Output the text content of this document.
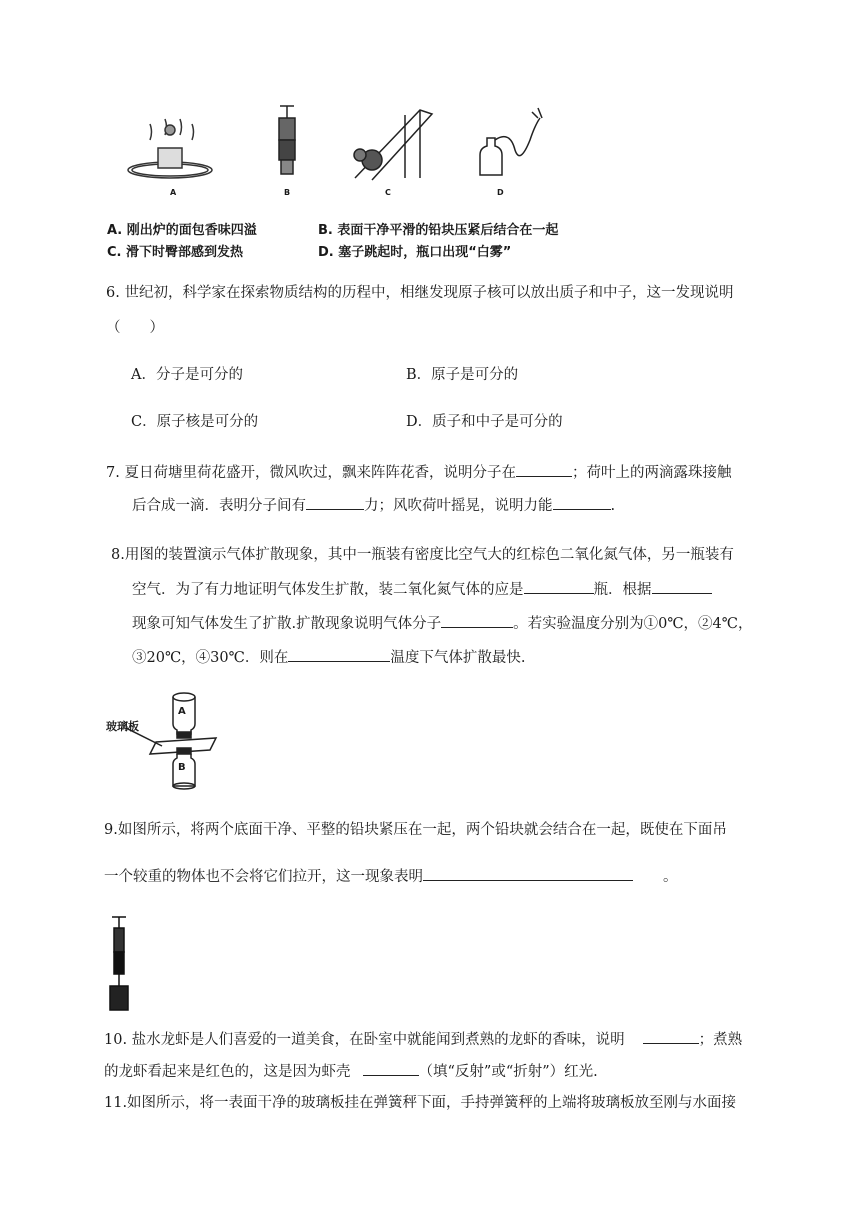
A	B	C	D
A. 刚出炉的面包香味四溢	B. 表面干净平滑的铅块压紧后结合在一起
C. 滑下时臀部感到发热	D. 塞子跳起时，瓶口出现“白雾”
6. 世纪初，科学家在探索物质结构的历程中，相继发现原子核可以放出质子和中子，这一发现说明
（　　）
A．分子是可分的	B．原子是可分的
C．原子核是可分的	D．质子和中子是可分的
7. 夏日荷塘里荷花盛开，微风吹过，飘来阵阵花香，说明分子在	；荷叶上的两滴露珠接触
后合成一滴．表明分子间有	力；风吹荷叶摇晃，说明力能	.
8.用图的装置演示气体扩散现象，其中一瓶装有密度比空气大的红棕色二氧化氮气体，另一瓶装有
空气．为了有力地证明气体发生扩散，装二氧化氮气体的应是	瓶．根据
现象可知气体发生了扩散.扩散现象说明气体分子	。若实验温度分别为①0℃，②4℃，
③20℃，④30℃．则在	温度下气体扩散最快.
玻璃板
A
B
9.如图所示，将两个底面干净、平整的铅块紧压在一起，两个铅块就会结合在一起，既使在下面吊
一个较重的物体也不会将它们拉开，这一现象表明	。
10. 盐水龙虾是人们喜爱的一道美食，在卧室中就能闻到煮熟的龙虾的香味，说明	；煮熟
的龙虾看起来是红色的，这是因为虾壳	（填“反射”或“折射”）红光.
11.如图所示，将一表面干净的玻璃板挂在弹簧秤下面，手持弹簧秤的上端将玻璃板放至刚与水面接
